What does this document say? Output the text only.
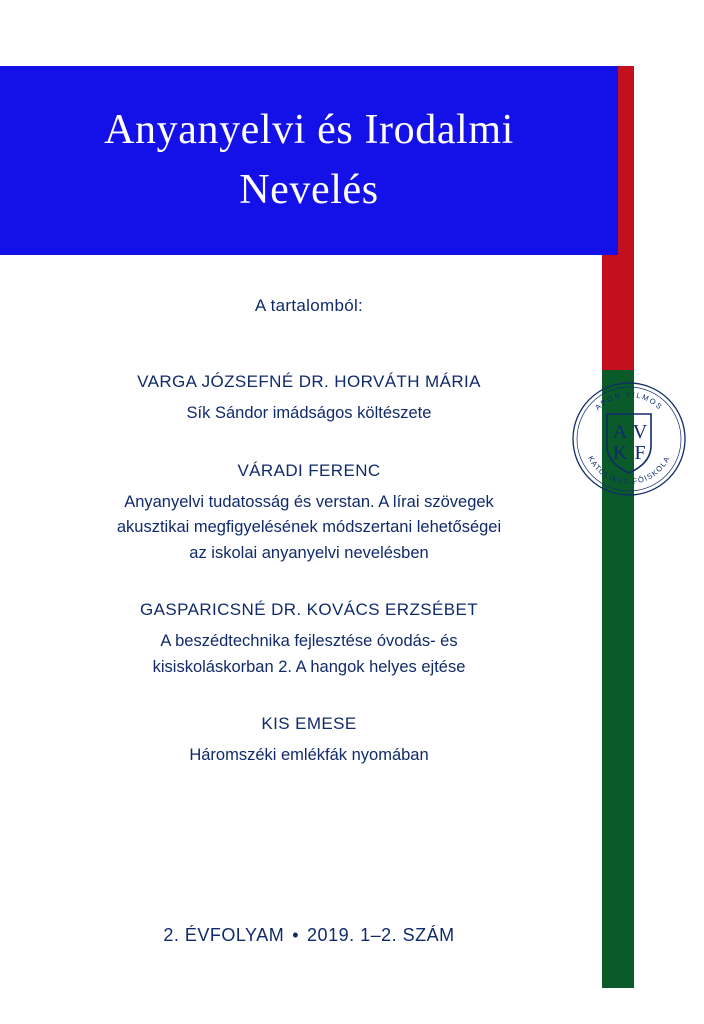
Anyanyelvi és Irodalmi
Nevelés
A tartalomból:
VARGA JÓZSEFNÉ DR. HORVÁTH MÁRIA
Sík Sándor imádságos költészete
VÁRADI FERENC
Anyanyelvi tudatosság és verstan. A lírai szövegek
akusztikai megfigyelésének módszertani lehetőségei
az iskolai anyanyelvi nevelésben
GASPARICSNÉ DR. KOVÁCS ERZSÉBET
A beszédtechnika fejlesztése óvodás- és
kisiskoláskorban 2. A hangok helyes ejtése
KIS EMESE
Háromszéki emlékfák nyomában
2. ÉVFOLYAM • 2019. 1–2. SZÁM
A V
K F
APOR VILMOS
KATOLIKUS FŐISKOLA
